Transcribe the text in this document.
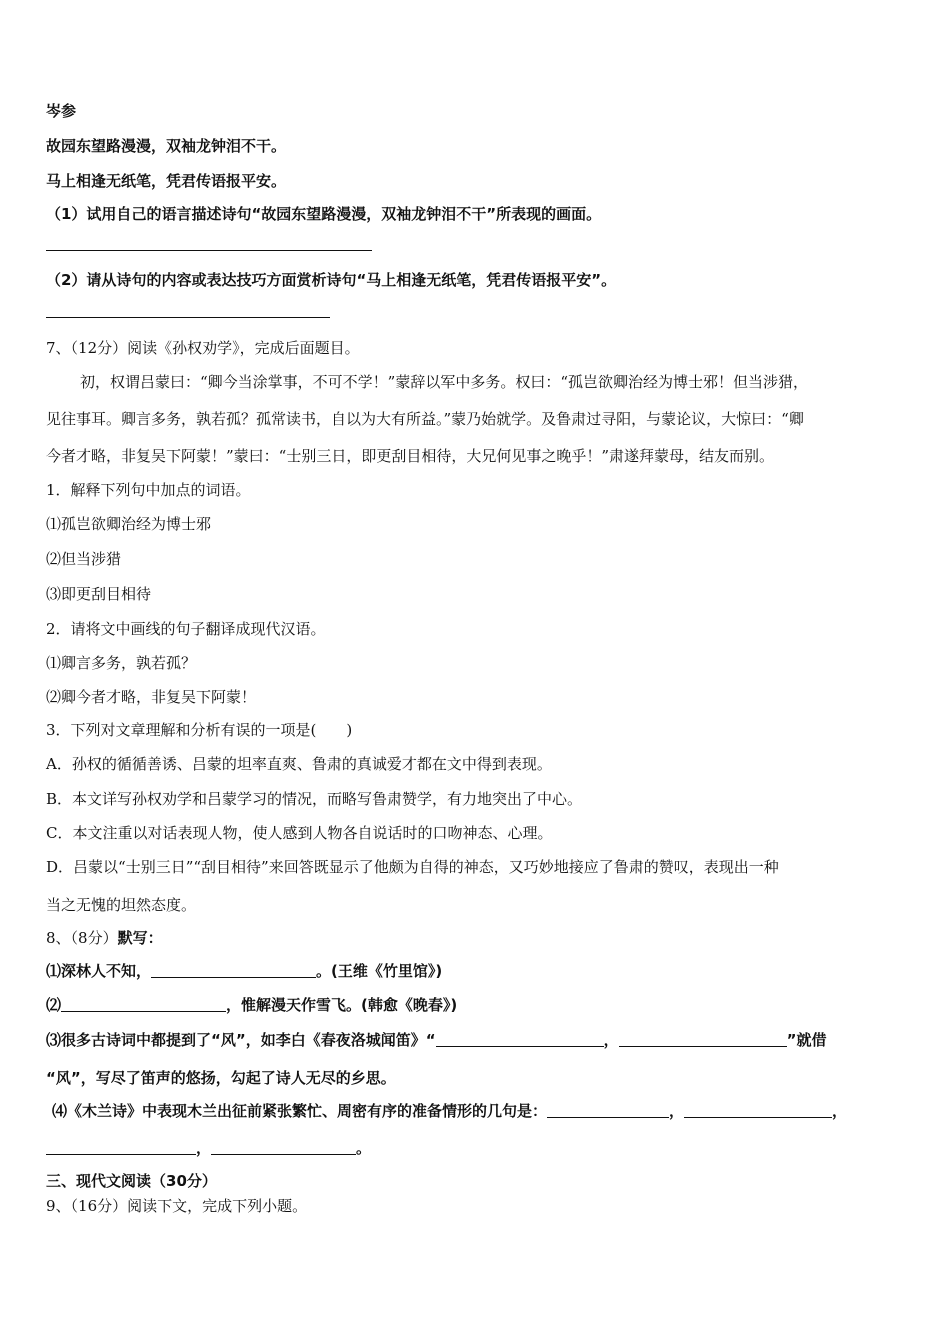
岑参
故园东望路漫漫，双袖龙钟泪不干。
马上相逢无纸笔，凭君传语报平安。
（1）试用自己的语言描述诗句“故园东望路漫漫，双袖龙钟泪不干”所表现的画面。
（2）请从诗句的内容或表达技巧方面赏析诗句“马上相逢无纸笔，凭君传语报平安”。
7、（12分）阅读《孙权劝学》，完成后面题目。
初，权谓吕蒙曰：“卿今当涂掌事，不可不学！”蒙辞以军中多务。权曰：“孤岂欲卿治经为博士邪！但当涉猎，
见往事耳。卿言多务，孰若孤？孤常读书，自以为大有所益。”蒙乃始就学。及鲁肃过寻阳，与蒙论议，大惊曰：“卿
今者才略，非复吴下阿蒙！”蒙曰：“士别三日，即更刮目相待，大兄何见事之晚乎！”肃遂拜蒙母，结友而别。
1．解释下列句中加点的词语。
⑴孤岂欲卿治经为博士邪
⑵但当涉猎
⑶即更刮目相待
2．请将文中画线的句子翻译成现代汉语。
⑴卿言多务，孰若孤？
⑵卿今者才略，非复吴下阿蒙！
3．下列对文章理解和分析有误的一项是(　　)
A．孙权的循循善诱、吕蒙的坦率直爽、鲁肃的真诚爱才都在文中得到表现。
B．本文详写孙权劝学和吕蒙学习的情况，而略写鲁肃赞学，有力地突出了中心。
C．本文注重以对话表现人物，使人感到人物各自说话时的口吻神态、心理。
D．吕蒙以“士别三日”“刮目相待”来回答既显示了他颇为自得的神态，又巧妙地接应了鲁肃的赞叹，表现出一种
当之无愧的坦然态度。
8、（8分）默写：
⑴深林人不知，	。(王维《竹里馆》)
⑵	，惟解漫天作雪飞。(韩愈《晚春》)
⑶很多古诗词中都提到了“风”，如李白《春夜洛城闻笛》“	，	”就借
“风”，写尽了笛声的悠扬，勾起了诗人无尽的乡思。
⑷《木兰诗》中表现木兰出征前紧张繁忙、周密有序的准备情形的几句是：	，	，
，	。
三、现代文阅读（30分）
9、（16分）阅读下文，完成下列小题。
